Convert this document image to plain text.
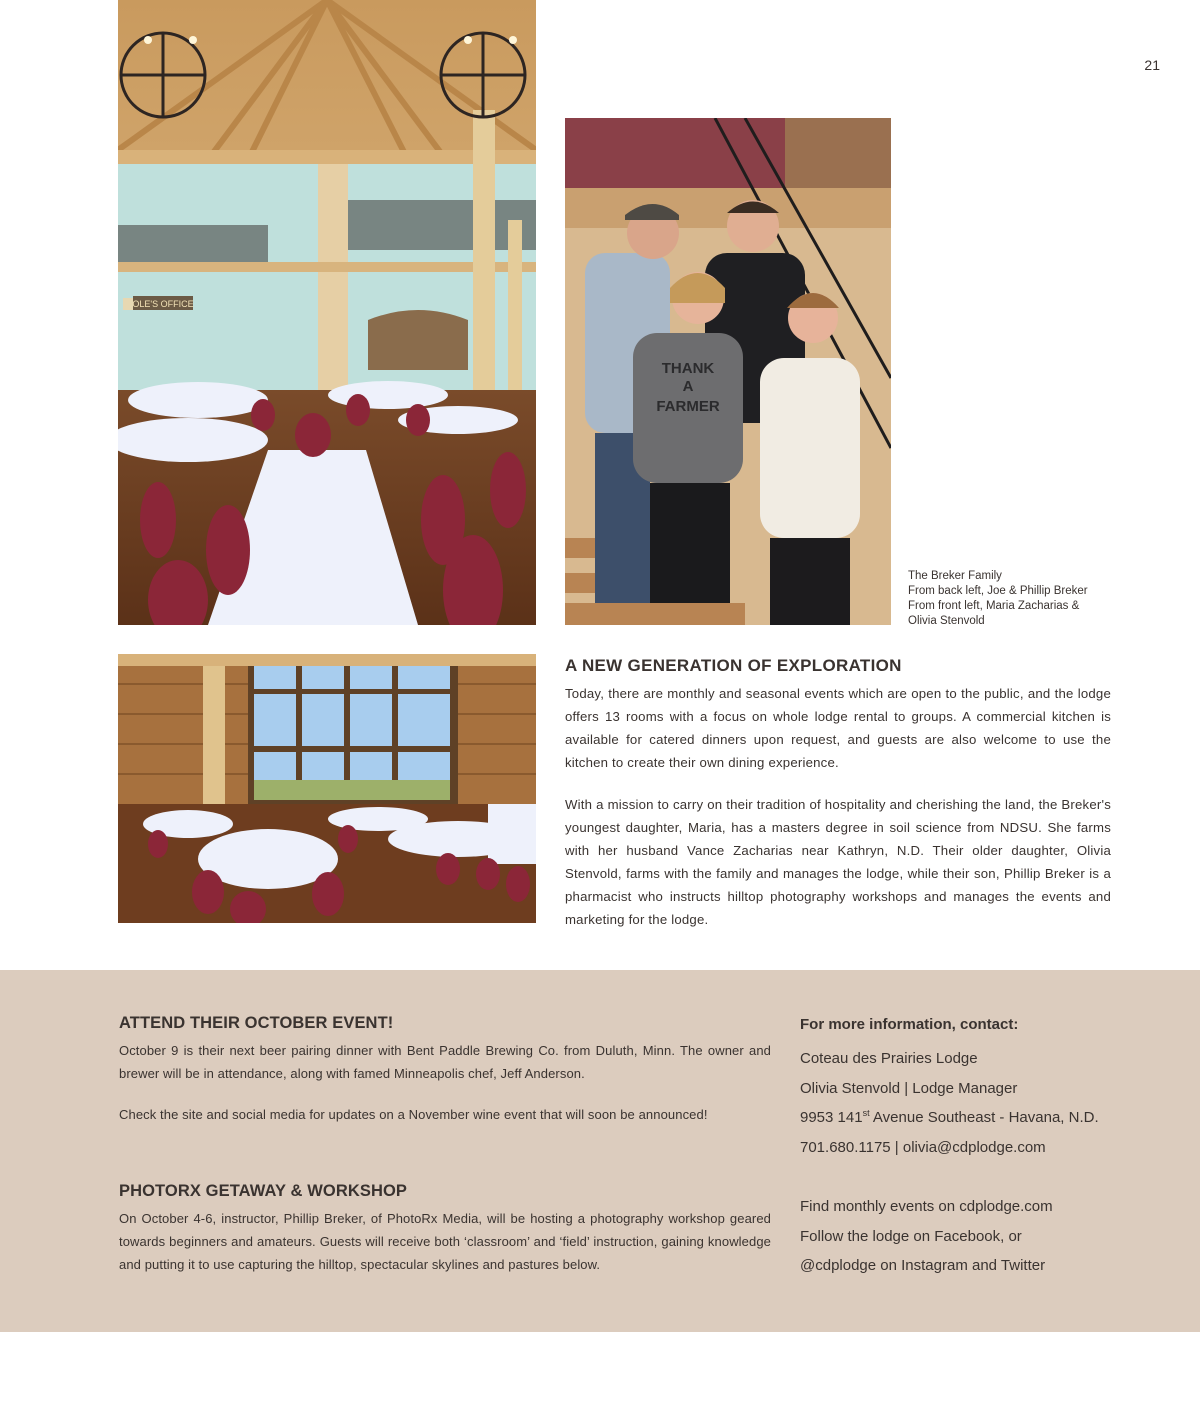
21
OLE'S OFFICE
THANK
A
FARMER
The Breker Family
From back left, Joe & Phillip Breker
From front left, Maria Zacharias &
Olivia Stenvold
A NEW GENERATION OF EXPLORATION

Today, there are monthly and seasonal events which are open to the public, and the lodge offers 13 rooms with a focus on whole lodge rental to groups. A commercial kitchen is available for catered dinners upon request, and guests are also welcome to use the kitchen to create their own dining experience.

With a mission to carry on their tradition of hospitality and cherishing the land, the Breker's youngest daughter, Maria, has a masters degree in soil science from NDSU. She farms with her husband Vance Zacharias near Kathryn, N.D. Their older daughter, Olivia Stenvold, farms with the family and manages the lodge, while their son, Phillip Breker is a pharmacist who instructs hilltop photography workshops and manages the events and marketing for the lodge.

ATTEND THEIR OCTOBER EVENT!

October 9 is their next beer pairing dinner with Bent Paddle Brewing Co. from Duluth, Minn. The owner and brewer will be in attendance, along with famed Minneapolis chef, Jeff Anderson.

Check the site and social media for updates on a November wine event that will soon be announced!

PHOTORX GETAWAY & WORKSHOP

On October 4-6, instructor, Phillip Breker, of PhotoRx Media, will be hosting a photography workshop geared towards beginners and amateurs. Guests will receive both ‘classroom’ and ‘field’ instruction, gaining knowledge and putting it to use capturing the hilltop, spectacular skylines and pastures below.

For more information, contact:
Coteau des Prairies Lodge
Olivia Stenvold | Lodge Manager
9953 141st Avenue Southeast - Havana, N.D.
701.680.1175 | olivia@cdplodge.com
Find monthly events on cdplodge.com
Follow the lodge on Facebook, or
@cdplodge on Instagram and Twitter
